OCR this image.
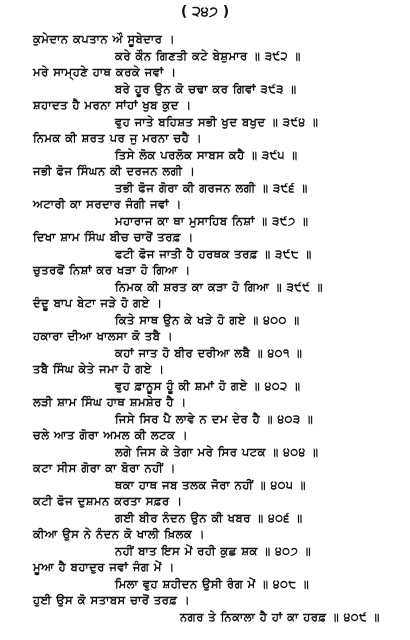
( ੨੪੭ )
ਕੁਮੇਦਾਨ ਕਪਤਾਨ ਔ ਸੂਬੇਦਾਰ ।
ਕਰੇ ਕੌਨ ਗਿਣਤੀ ਕਟੇ ਬੇਸ਼ੁਮਾਰ ॥ ੩੯੨ ॥
ਮਰੇ ਸਾਮ੍ਹਣੇ ਹਾਥ ਕਰਕੇ ਜਵਾਂ ।
ਬਰੇ ਹੂਰ ਉਨ ਕੋ ਚਢਾ ਕਰ ਗਿਵਾਂ ੩੯੩ ॥
ਸ਼ਹਾਦਤ ਹੈ ਮਰਨਾ ਸਾਂਹਾਂ ਖੁਬ ਕੁਦ ।
ਵੁਹ ਜਾਤੇ ਬਹਿਸ਼ਤ ਸਭੀ ਖੁਦ ਬਖੁਦ ॥ ੩੯੪ ॥
ਨਿਮਕ ਕੀ ਸ਼ਰਤ ਪਰ ਜੁ ਮਰਨਾ ਚਹੈ ।
ਤਿਸੇ ਲੋਕ ਪਰਲੋਕ ਸਾਬਸ ਕਹੈ ॥ ੩੯੫ ॥
ਜਭੀ ਫੋਜ ਸਿੰਘਨ ਕੀ ਦਰਜਨ ਲਗੀ ।
ਤਭੀ ਫੋਜ ਗੋਰਾ ਕੀ ਗਰਜਨ ਲਗੀ ॥ ੩੯੬ ॥
ਅਟਾਰੀ ਕਾ ਸਰਦਾਰ ਜੰਗੀ ਜਵਾਂ ।
ਮਹਾਰਾਜ ਕਾ ਥਾ ਮੁਸਾਹਿਬ ਨਿਸ਼ਾਂ ॥ ੩੯੭ ॥
ਦਿਖਾ ਸ਼ਾਮ ਸਿੰਘ ਬੀਚ ਚਾਰੋਂ ਤਰਫ਼ ।
ਫਟੀ ਫੋਜ ਜਾਤੀ ਹੈ ਹਰਥਕ ਤਰਫ਼ ॥ ੩੯੮ ॥
ਚੁਤਰਫੋਂ ਨਿਸ਼ਾਂ ਕਰ ਖੜਾ ਹੋ ਗਿਆ ।
ਨਿਮਕ ਕੀ ਸ਼ਰਤ ਕਾ ਕੜਾ ਹੋ ਗਿਆ ॥ ੩੯੯ ॥
ਦੰਦੂ ਬਾਪ ਬੇਟਾ ਜੜੇ ਹੋ ਗਏ ।
ਕਿਤੇ ਸਾਥ ਉਨ ਕੇ ਖੜੇ ਹੋ ਗਏ ॥ ੪੦੦ ॥
ਹਕਾਰਾ ਦੀਆ ਖਾਲਸਾ ਕੋ ਤਬੈ ।
ਕਹਾਂ ਜਾਤ ਹੋ ਬੀਰ ਦਰੀਆ ਲਬੈ ॥ ੪੦੧ ॥
ਤਬੈ ਸਿੰਘ ਕੇਤੇ ਜਮਾ ਹੋ ਗਏ ।
ਵੁਹ ਫ਼ਾਨੂਸ ਹੂੰ ਕੀ ਸ਼ਮਾਂ ਹੋ ਗਏ ॥ ੪੦੨ ॥
ਲੜੀ ਸ਼ਾਮ ਸਿੰਘ ਹਾਥ ਸ਼ਮਸ਼ੇਰ ਹੈ ।
ਜਿਸੇ ਸਿਰ ਪੈ ਲਾਵੇ ਨ ਦਮ ਦੇਰ ਹੈ ॥ ੪੦੩ ॥
ਚਲੇ ਆਤ ਗੋਰਾ ਅਮਲ ਕੀ ਲਟਕ ।
ਲਗੇ ਜਿਸ ਕੇ ਤੇਗਾ ਮਰੇ ਸਿਰ ਪਟਕ ॥ ੪੦੪ ॥
ਕਟਾ ਸੀਸ ਗੋਰਾ ਕਾ ਬੋਰਾ ਨਹੀਂ ।
ਥਕਾ ਹਾਥ ਜਬ ਤਲਕ ਜੋਰਾ ਨਹੀਂ ॥ ੪੦੫ ॥
ਕਟੀ ਫੋਜ ਦੁਸ਼ਮਨ ਕਰਤਾ ਸਫ਼ਰ ।
ਗਈ ਬੀਰ ਨੰਦਨ ਉਨ ਕੀ ਖਬਰ ॥ ੪੦੬ ॥
ਕੀਆ ਉਸ ਨੇ ਨੰਦਨ ਕੋ ਖਾਲੀ ਖ਼ਿਲਕ ।
ਨਹੀਂ ਬਾਤ ਇਸ ਮੇਂ ਰਹੀ ਕੁਛ ਸ਼ਕ ॥ ੪੦੭ ॥
ਮੂਆ ਹੈ ਬਹਾਦੁਰ ਜਵਾਂ ਜੰਗ ਮੇਂ ।
ਮਿਲਾ ਵੁਹ ਸ਼ਹੀਦਨ ਉਸੀ ਰੰਗ ਮੇਂ ॥ ੪੦੮ ॥
ਹੁਈ ਉਸ ਕੋ ਸਤਾਬਸ ਚਾਰੋਂ ਤਰਫ਼ ।
ਨਗਰ ਤੇ ਨਿਕਾਲਾ ਹੈ ਹਾਂ ਕਾ ਹਰਫ਼ ॥ ੪੦੯ ॥
